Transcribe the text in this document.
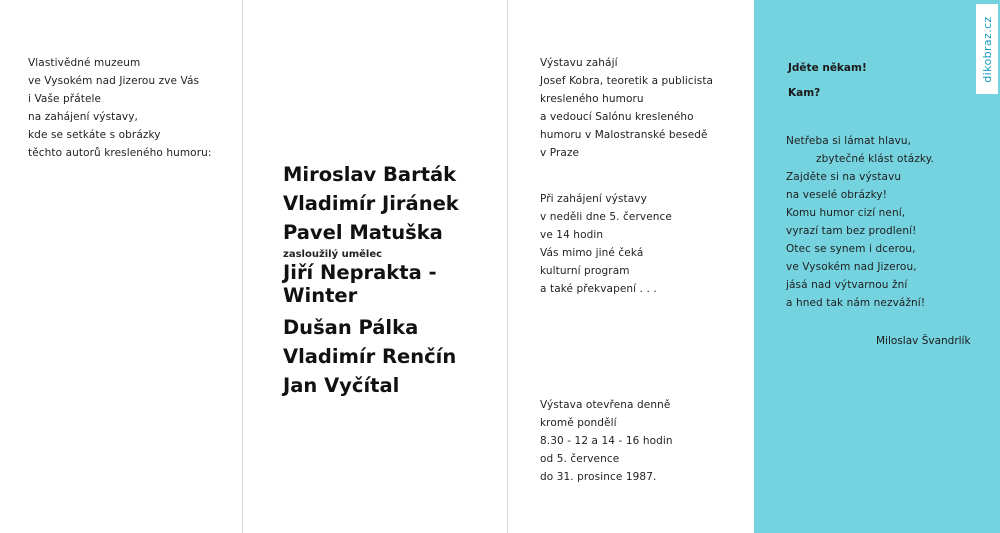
Vlastivědné muzeum
ve Vysokém nad Jizerou zve Vás
i Vaše přátele
na zahájení výstavy,
kde se setkáte s obrázky
těchto autorů kresleného humoru:
Miroslav Barták
Vladimír Jiránek
Pavel Matuška
zasloužilý umělec
Jiří Neprakta -
Winter
Dušan Pálka
Vladimír Renčín
Jan Vyčítal
Výstavu zahájí
Josef Kobra, teoretik a publicista
kresleného humoru
a vedoucí Salónu kresleného
humoru v Malostranské besedě
v Praze
Při zahájení výstavy
v neděli dne 5. července
ve 14 hodin
Vás mimo jiné čeká
kulturní program
a také překvapení . . .
Výstava otevřena denně
kromě pondělí
8.30 - 12 a 14 - 16 hodin
od 5. července
do 31. prosince 1987.
Jděte někam!
Kam?
Netřeba si lámat hlavu,
zbytečné klást otázky.
Zajděte si na výstavu
na veselé obrázky!
Komu humor cizí není,
vyrazí tam bez prodlení!
Otec se synem i dcerou,
ve Vysokém nad Jizerou,
jásá nad výtvarnou žní
a hned tak nám nezvážní!
Miloslav Švandrlík
dikobraz.cz
